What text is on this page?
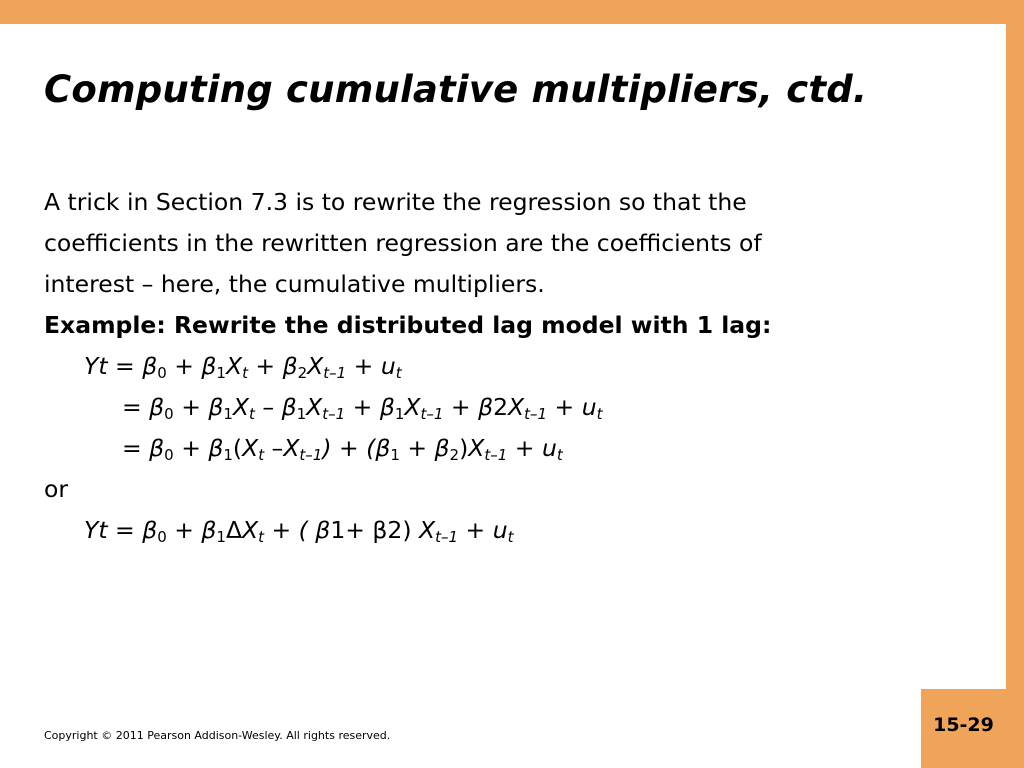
Computing cumulative multipliers, ctd.
A trick in Section 7.3 is to rewrite the regression so that the
coefficients in the rewritten regression are the coefficients of
interest – here, the cumulative multipliers.
Example: Rewrite the distributed lag model with 1 lag:
$Yt = \beta_0 + \beta_1X_t + \beta_2X_{t-1} + u_t$
= $\beta_0 + \beta_1X_t - \beta_1X_{t-1} + \beta_1X_{t-1} + \beta 2X_{t-1} + u_t$
= $\beta_0 + \beta_1(X_t$ $-X_{t-1}) + (\beta_1 + \beta_2)X_{t-1} + u_t$
or
$Yt = \beta_0 + \beta_1\Delta X_t$ + ( β1+ β2) $X_{t-1} + u_t$
Copyright © 2011 Pearson Addison-Wesley. All rights reserved.	15-29
